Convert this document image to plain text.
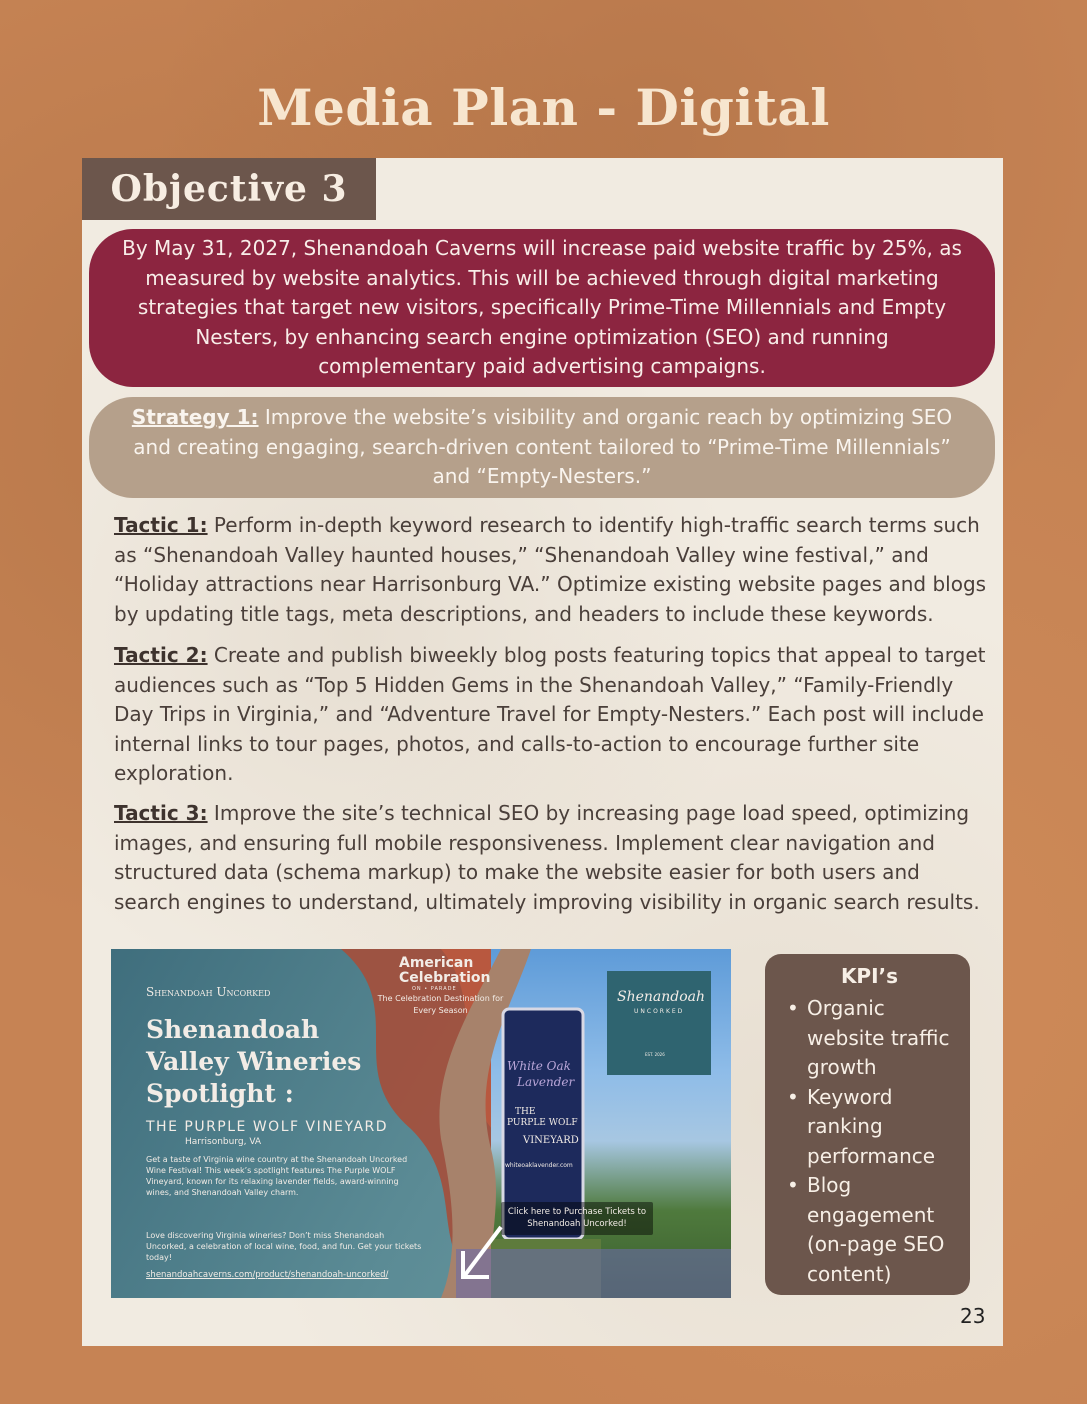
Media Plan - Digital
Objective 3
By May 31, 2027, Shenandoah Caverns will increase paid website traffic by 25%, as measured by website analytics. This will be achieved through digital marketing strategies that target new visitors, specifically Prime-Time Millennials and Empty Nesters, by enhancing search engine optimization (SEO) and running complementary paid advertising campaigns.

Strategy 1: Improve the website’s visibility and organic reach by optimizing SEO and creating engaging, search-driven content tailored to “Prime-Time Millennials” and “Empty-Nesters.”

Tactic 1: Perform in-depth keyword research to identify high-traffic search terms such as “Shenandoah Valley haunted houses,” “Shenandoah Valley wine festival,” and “Holiday attractions near Harrisonburg VA.” Optimize existing website pages and blogs by updating title tags, meta descriptions, and headers to include these keywords.

Tactic 2: Create and publish biweekly blog posts featuring topics that appeal to target audiences such as “Top 5 Hidden Gems in the Shenandoah Valley,” “Family-Friendly Day Trips in Virginia,” and “Adventure Travel for Empty-Nesters.” Each post will include internal links to tour pages, photos, and calls-to-action to encourage further site exploration.

Tactic 3: Improve the site’s technical SEO by increasing page load speed, optimizing images, and ensuring full mobile responsiveness. Implement clear navigation and structured data (schema markup) to make the website easier for both users and search engines to understand, ultimately improving visibility in organic search results.

Shenandoah Uncorked
Shenandoah
Valley Wineries
Spotlight :
THE PURPLE WOLF VINEYARD
Harrisonburg, VA
Get a taste of Virginia wine country at the Shenandoah Uncorked Wine Festival! This week’s spotlight features The Purple WOLF Vineyard, known for its relaxing lavender fields, award-winning wines, and Shenandoah Valley charm.
Love discovering Virginia wineries? Don’t miss Shenandoah Uncorked, a celebration of local wine, food, and fun. Get your tickets today!
shenandoahcaverns.com/product/shenandoah-uncorked/
American
Celebration
ON • PARADE
The Celebration Destination for Every Season
Shenandoah
UNCORKED
EST. 2026
White Oak
Lavender
THE
PURPLE WOLF
VINEYARD
whiteoaklavender.com
Click here to Purchase Tickets to Shenandoah Uncorked!
KPI’s
• Organic website traffic growth
• Keyword ranking performance
• Blog engagement (on-page SEO content)
23
